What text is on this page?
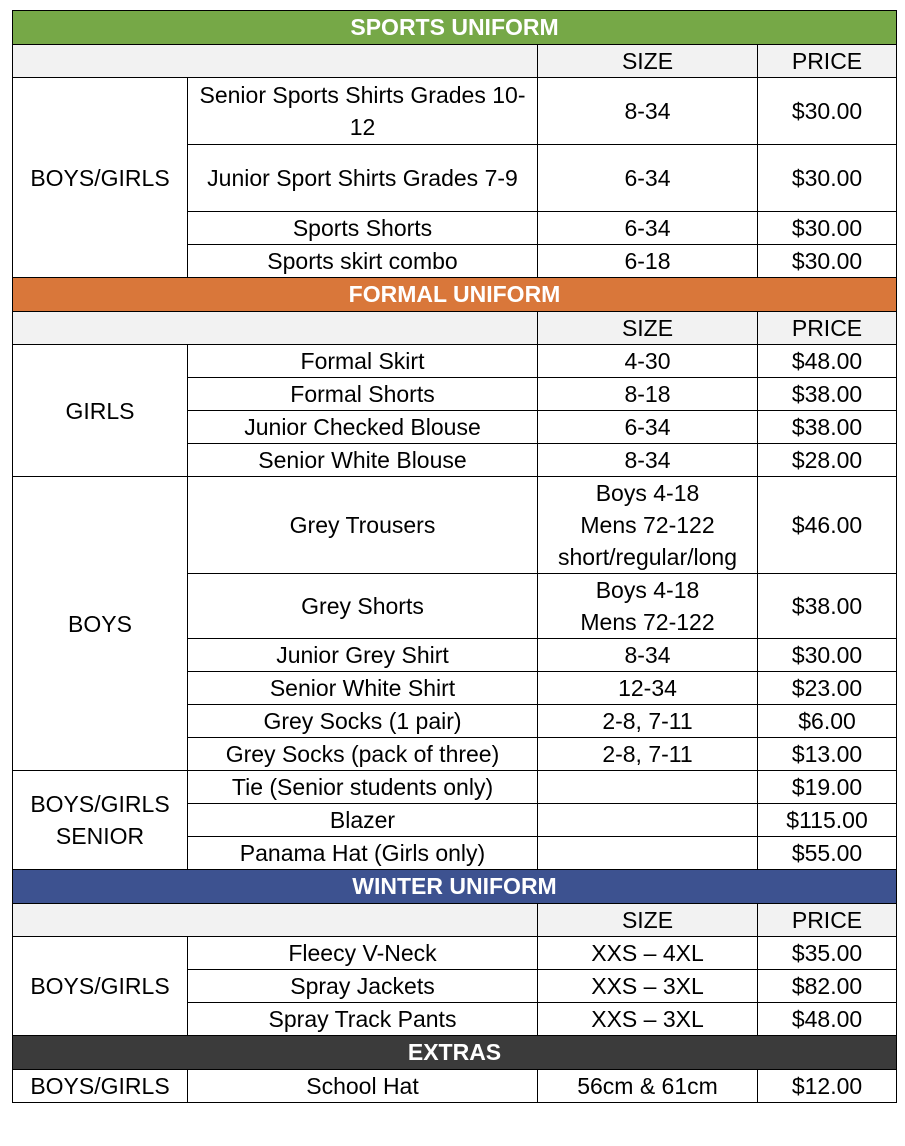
SPORTS UNIFORM			
		SIZE	PRICE
BOYS/GIRLS	Senior Sports Shirts Grades 10-12	8-34	$30.00
	Junior Sport Shirts Grades 7-9	6-34	$30.00
	Sports Shorts	6-34	$30.00
	Sports skirt combo	6-18	$30.00
FORMAL UNIFORM			
		SIZE	PRICE
GIRLS	Formal Skirt	4-30	$48.00
	Formal Shorts	8-18	$38.00
	Junior Checked Blouse	6-34	$38.00
	Senior White Blouse	8-34	$28.00
BOYS	Grey Trousers	Boys 4-18
Mens 72-122
short/regular/long	$46.00
	Grey Shorts	Boys 4-18
Mens 72-122	$38.00
	Junior Grey Shirt	8-34	$30.00
	Senior White Shirt	12-34	$23.00
	Grey Socks (1 pair)	2-8, 7-11	$6.00
	Grey Socks (pack of three)	2-8, 7-11	$13.00

BOYS/GIRLS
SENIOR	Tie (Senior students only)		$19.00
	Blazer		$115.00
	Panama Hat (Girls only)		$55.00
WINTER UNIFORM			
		SIZE	PRICE
BOYS/GIRLS	Fleecy V-Neck	XXS – 4XL	$35.00
	Spray Jackets	XXS – 3XL	$82.00
	Spray Track Pants	XXS – 3XL	$48.00
EXTRAS			
BOYS/GIRLS	School Hat	56cm & 61cm	$12.00
